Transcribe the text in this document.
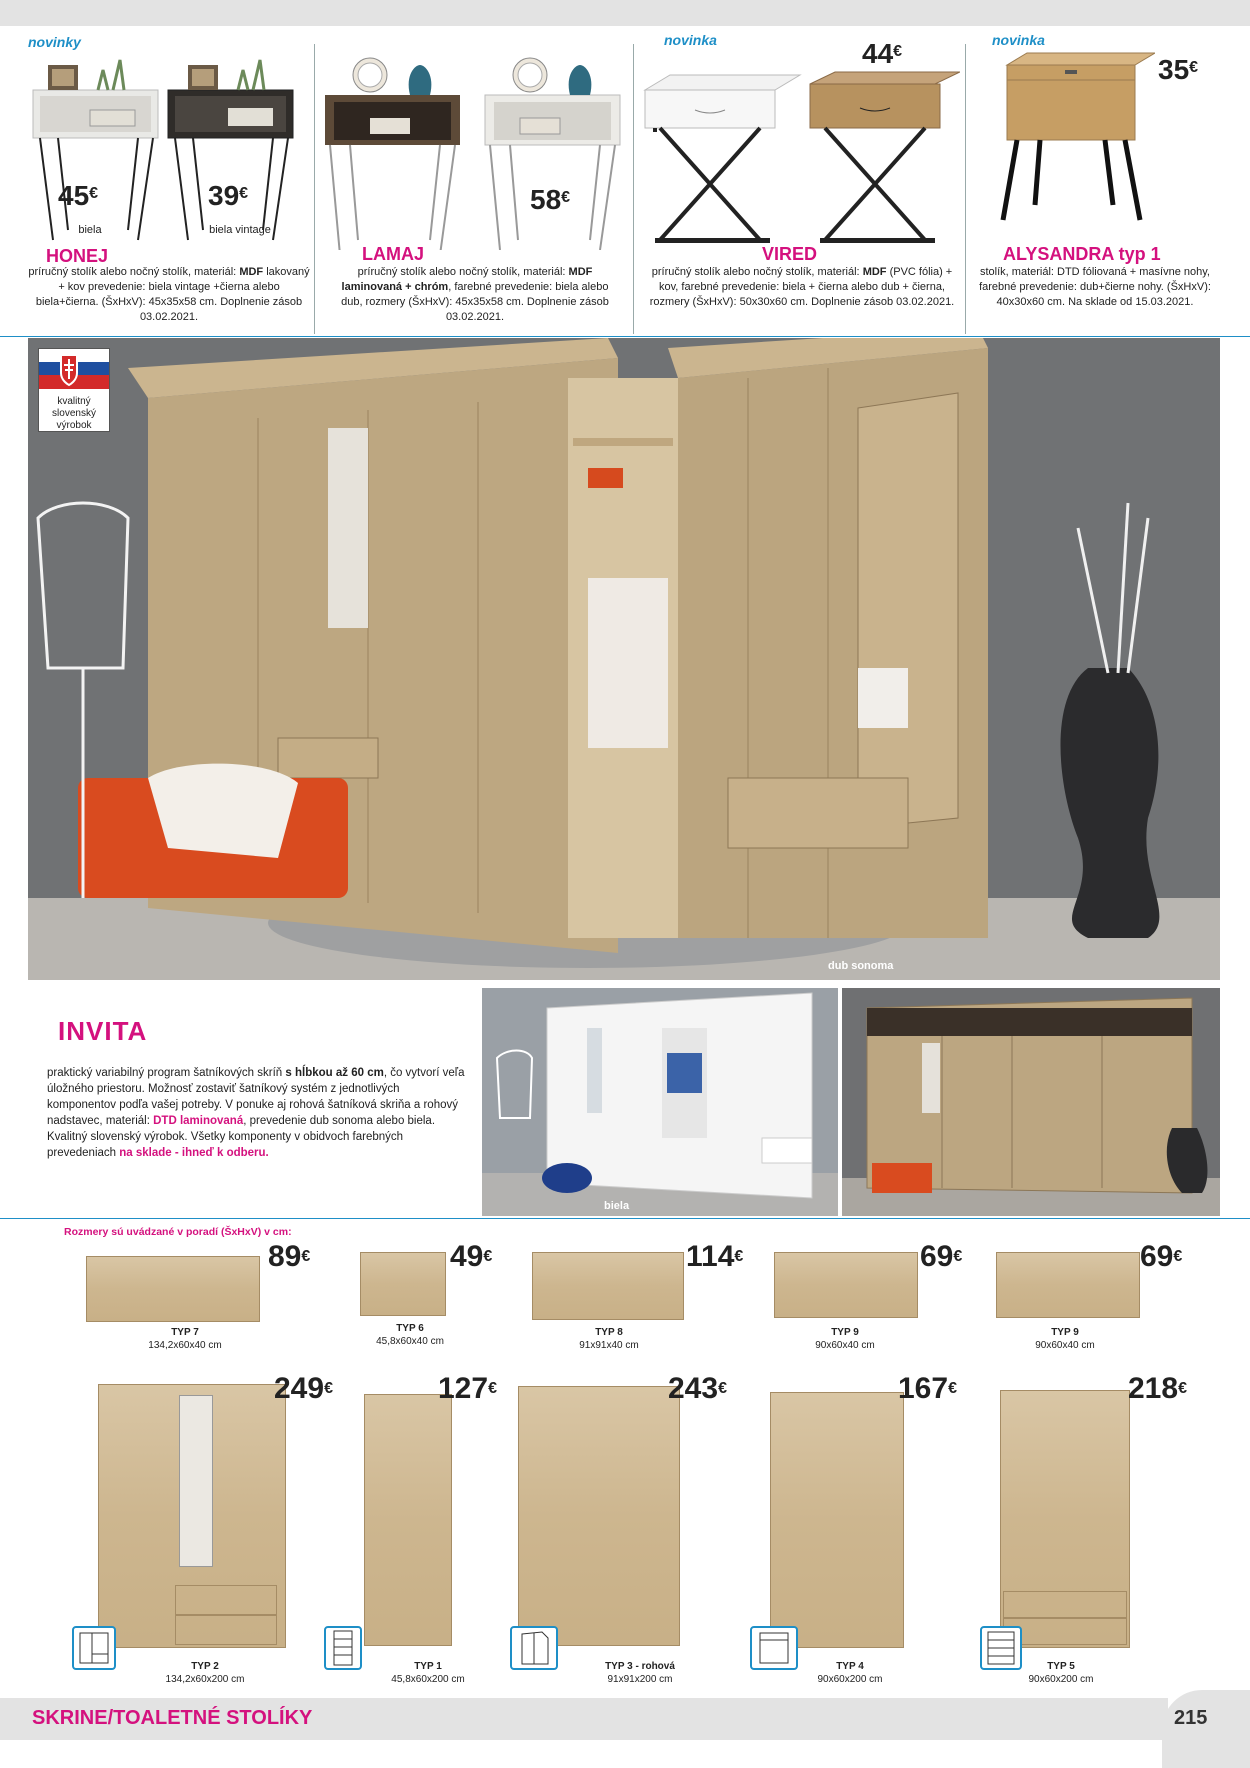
novinky
45€
biela
39€
biela vintage
HONEJ
príručný stolík alebo nočný stolík, materiál: MDF lakovaný + kov prevedenie: biela vintage +čierna alebo biela+čierna. (ŠxHxV): 45x35x58 cm. Doplnenie zásob 03.02.2021.
58€
LAMAJ
príručný stolík alebo nočný stolík, materiál: MDF laminovaná + chróm, farebné prevedenie: biela alebo dub, rozmery (ŠxHxV): 45x35x58 cm. Doplnenie zásob 03.02.2021.
novinka	44€
VIRED
príručný stolík alebo nočný stolík, materiál: MDF (PVC fólia) + kov, farebné prevedenie: biela + čierna alebo dub + čierna, rozmery (ŠxHxV): 50x30x60 cm. Doplnenie zásob 03.02.2021.
novinka
35€
ALYSANDRA typ 1
stolík, materiál: DTD fóliovaná + masívne nohy, farebné prevedenie: dub+čierne nohy. (ŠxHxV): 40x30x60 cm. Na sklade od 15.03.2021.
kvalitný slovenský výrobok
dub sonoma
INVITA
praktický variabilný program šatníkových skríň s hĺbkou až 60 cm, čo vytvorí veľa úložného priestoru. Možnosť zostaviť šatníkový systém z jednotlivých komponentov podľa vašej potreby. V ponuke aj rohová šatníková skriňa a rohový nadstavec, materiál: DTD laminovaná, prevedenie dub sonoma alebo biela. Kvalitný slovenský výrobok. Všetky komponenty v obidvoch farebných prevedeniach na sklade - ihneď k odberu.
biela
Rozmery sú uvádzané v poradí (ŠxHxV) v cm:
89€
TYP 7
134,2x60x40 cm
49€
TYP 6
45,8x60x40 cm
114€
TYP 8
91x91x40 cm
69€
TYP 9
90x60x40 cm
69€
TYP 9
90x60x40 cm
249€
TYP 2
134,2x60x200 cm
127€
TYP 1
45,8x60x200 cm
243€
TYP 3 - rohová
91x91x200 cm
167€
TYP 4
90x60x200 cm
218€
TYP 5
90x60x200 cm
SKRINE/TOALETNÉ STOLÍKY	215
